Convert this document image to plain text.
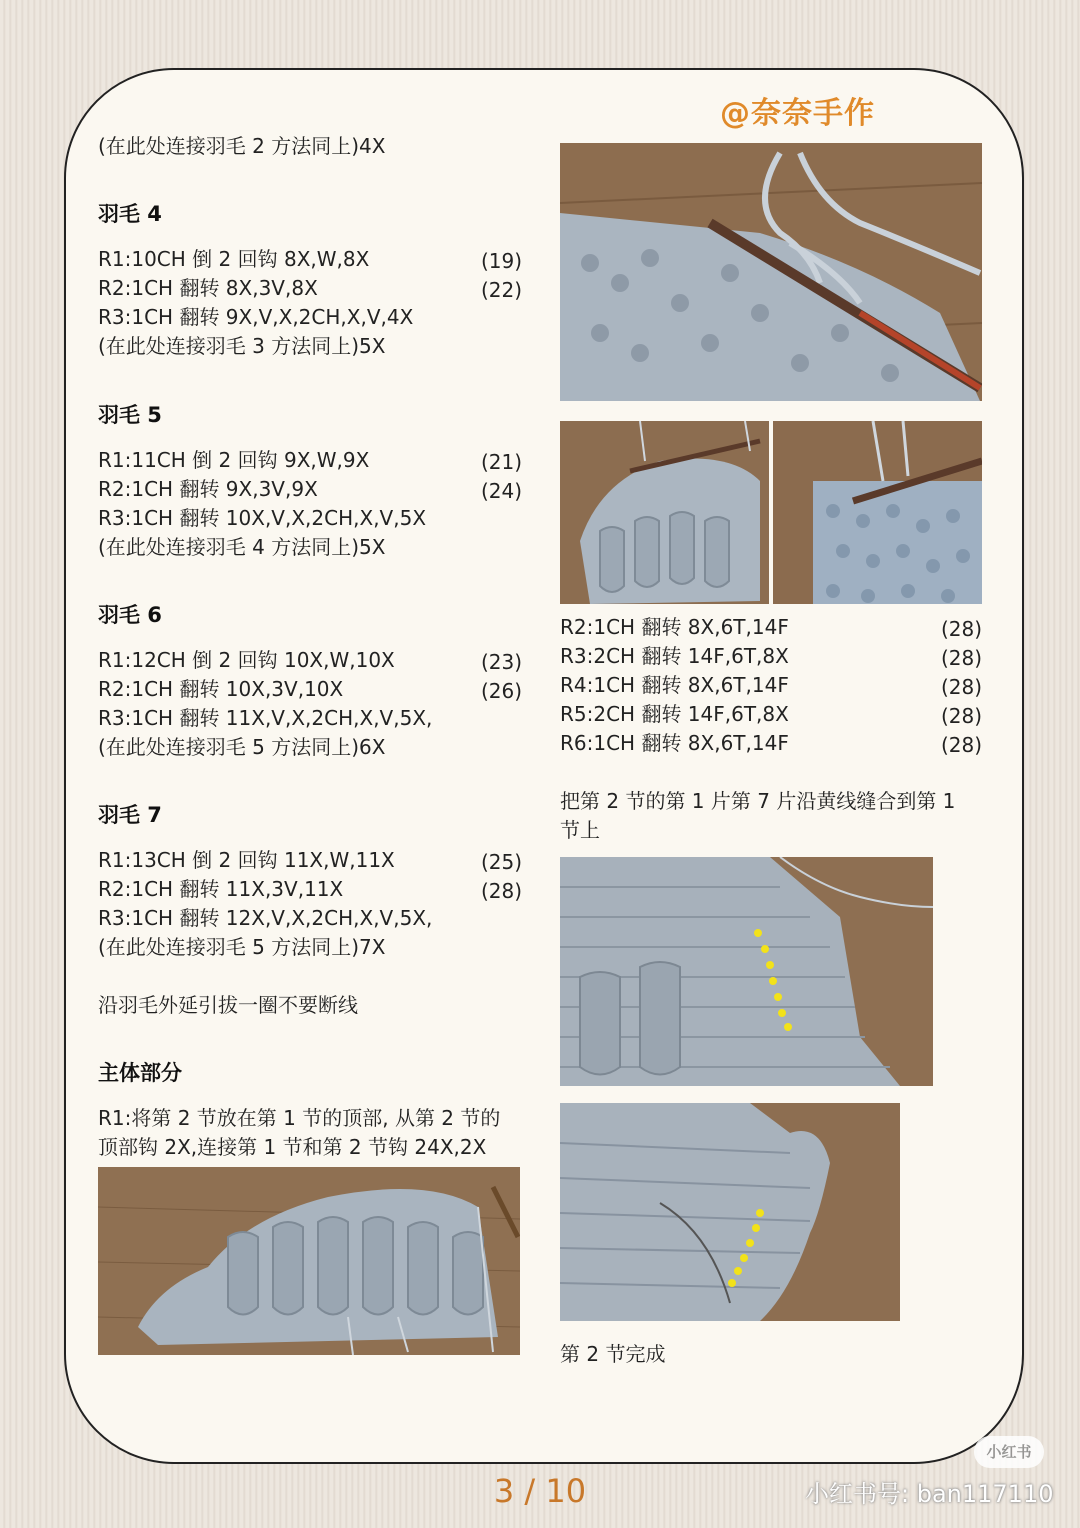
@奈奈手作
(在此处连接羽毛 2 方法同上)4X
羽毛 4
R1:10CH 倒 2 回钩 8X,W,8X	(19)
R2:1CH 翻转 8X,3V,8X	(22)
R3:1CH 翻转 9X,V,X,2CH,X,V,4X
(在此处连接羽毛 3 方法同上)5X
羽毛 5
R1:11CH 倒 2 回钩 9X,W,9X	(21)
R2:1CH 翻转 9X,3V,9X	(24)
R3:1CH 翻转 10X,V,X,2CH,X,V,5X
(在此处连接羽毛 4 方法同上)5X
羽毛 6
R1:12CH 倒 2 回钩 10X,W,10X	(23)
R2:1CH 翻转 10X,3V,10X	(26)
R3:1CH 翻转 11X,V,X,2CH,X,V,5X,
(在此处连接羽毛 5 方法同上)6X
羽毛 7
R1:13CH 倒 2 回钩 11X,W,11X	(25)
R2:1CH 翻转 11X,3V,11X	(28)
R3:1CH 翻转 12X,V,X,2CH,X,V,5X,
(在此处连接羽毛 5 方法同上)7X
沿羽毛外延引拔一圈不要断线
主体部分
R1:将第 2 节放在第 1 节的顶部, 从第 2 节的
顶部钩 2X,连接第 1 节和第 2 节钩 24X,2X
R2:1CH 翻转 8X,6T,14F	(28)
R3:2CH 翻转 14F,6T,8X	(28)
R4:1CH 翻转 8X,6T,14F	(28)
R5:2CH 翻转 14F,6T,8X	(28)
R6:1CH 翻转 8X,6T,14F	(28)
把第 2 节的第 1 片第 7 片沿黄线缝合到第 1
节上
第 2 节完成
3 / 10
小红书
小红书号: ban117110
